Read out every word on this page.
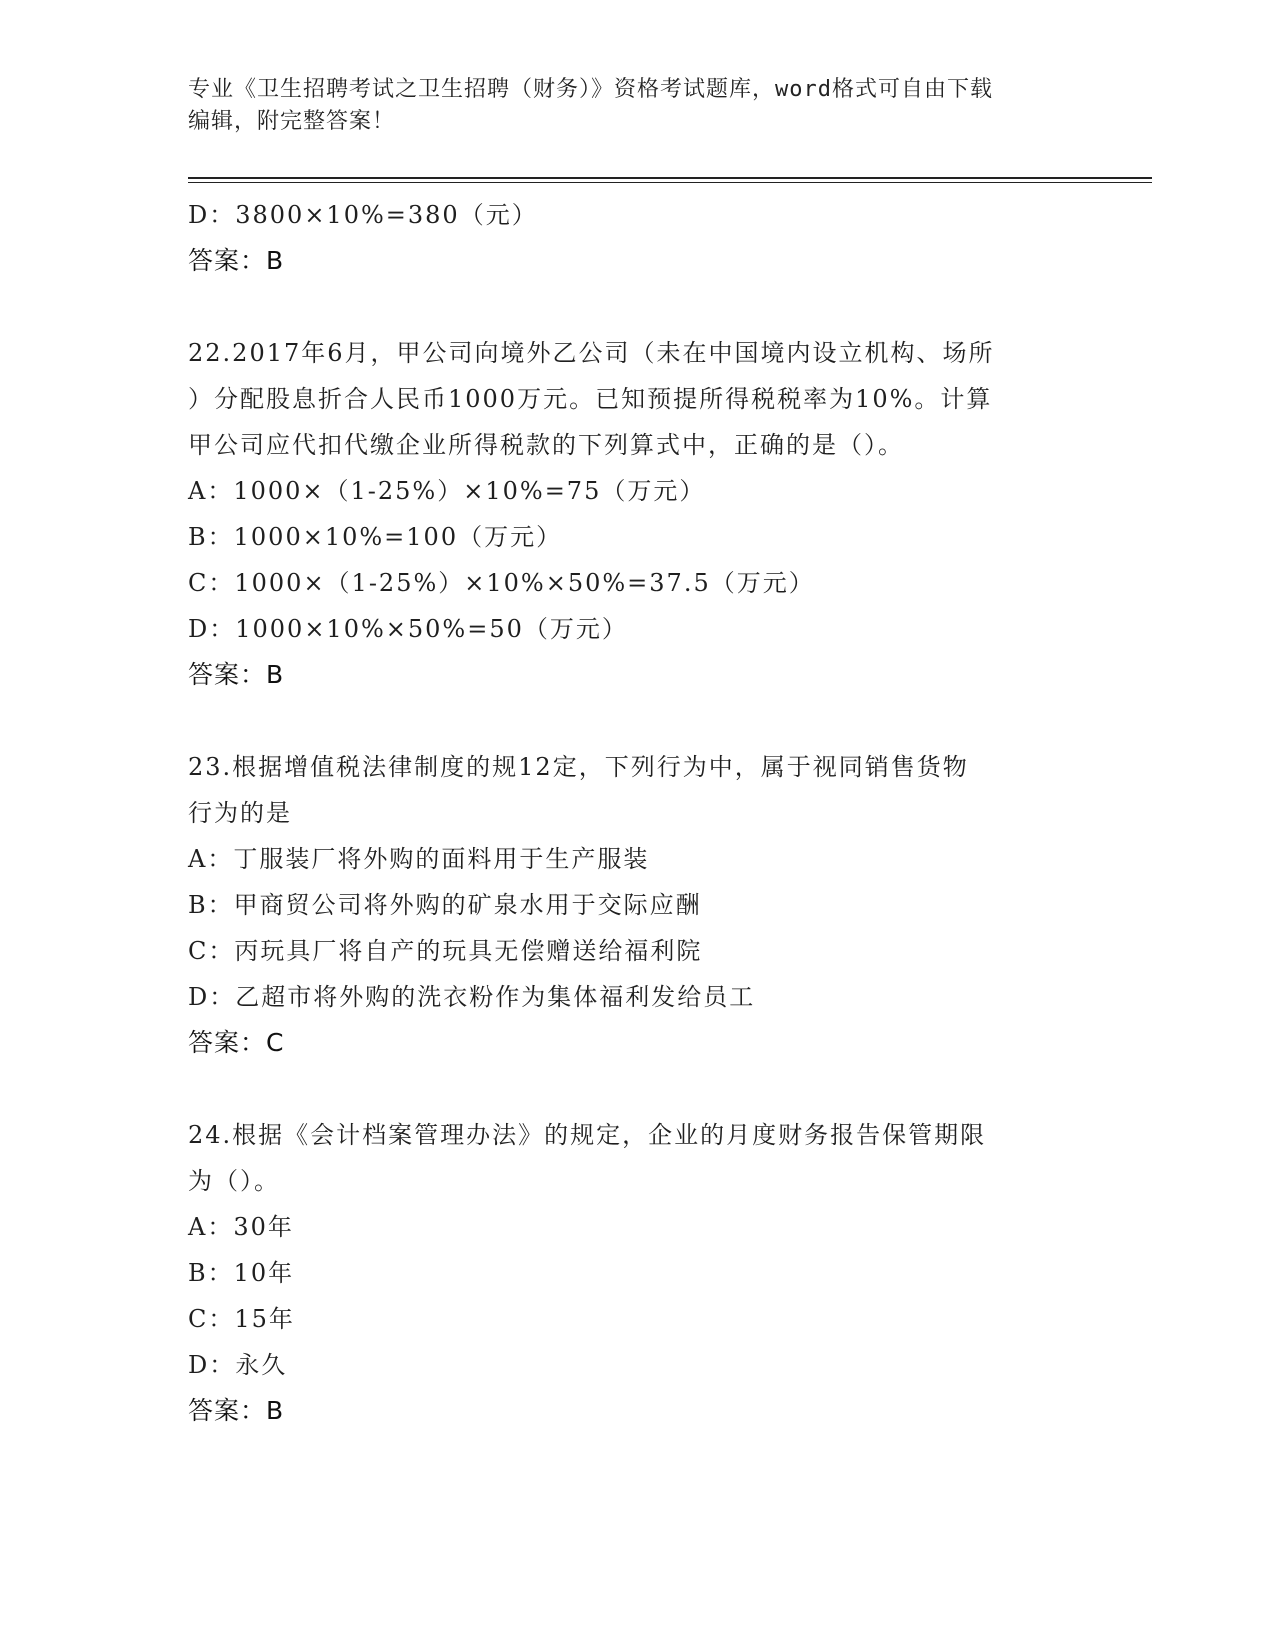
专业《卫生招聘考试之卫生招聘（财务）》资格考试题库，word格式可自由下载
编辑，附完整答案！
D：3800×10%=380（元）
答案：B
22.2017年6月，甲公司向境外乙公司（未在中国境内设立机构、场所
）分配股息折合人民币1000万元。已知预提所得税税率为10%。计算
甲公司应代扣代缴企业所得税款的下列算式中，正确的是（）。
A：1000×（1-25%）×10%=75（万元）
B：1000×10%=100（万元）
C：1000×（1-25%）×10%×50%=37.5（万元）
D：1000×10%×50%=50（万元）
答案：B
23.根据增值税法律制度的规12定，下列行为中，属于视同销售货物
行为的是
A：丁服装厂将外购的面料用于生产服装
B：甲商贸公司将外购的矿泉水用于交际应酬
C：丙玩具厂将自产的玩具无偿赠送给福利院
D：乙超市将外购的洗衣粉作为集体福利发给员工
答案：C
24.根据《会计档案管理办法》的规定，企业的月度财务报告保管期限
为（）。
A：30年
B：10年
C：15年
D：永久
答案：B
